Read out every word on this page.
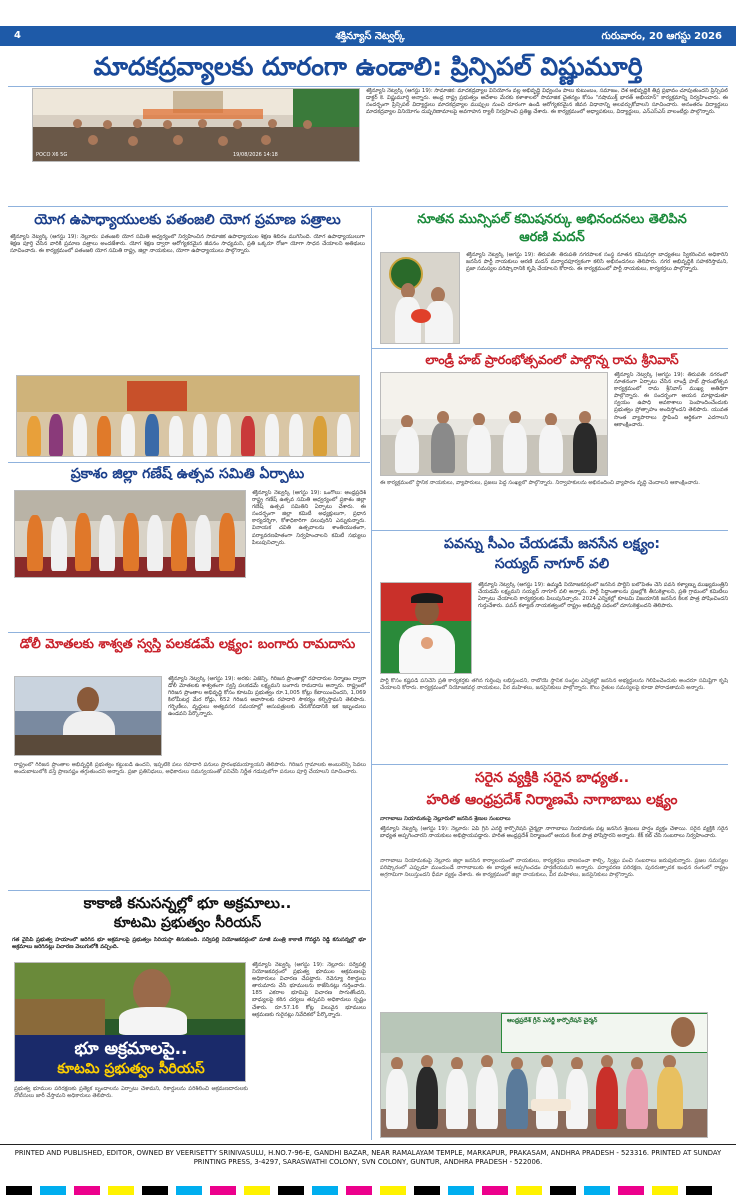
4	శక్తిన్యూస్ నెట్వర్క్	గురువారం, 20 ఆగస్టు 2026
మాదకద్రవ్యాలకు దూరంగా ఉండాలి: ప్రిన్సిపల్ విష్ణుమూర్తి
POCO X6 5G	19/08/2026 14:18
శక్తిన్యూస్ నెట్వర్క్ (ఆగస్టు 19): సామాజిక: మాదకద్రవ్యాల వినియోగం వల్ల అభివృద్ధి విధ్వంసం పాలు కుటుంబం, సమాజం, దేశ అభివృద్ధికి తీవ్ర ప్రభావం చూపుతుందని ప్రిన్సిపల్ డాక్టర్ కె. విష్ణుమూర్తి అన్నారు. ఆంధ్ర రాష్ట్ర ప్రభుత్వం ఆదేశాల మేరకు కళాశాలలో సామాజిక చైతన్యం కోసం "నషాముక్త్ భారత్ అభియాన్" కార్యక్రమాన్ని నిర్వహించారు. ఈ సందర్భంగా ప్రిన్సిపల్ విద్యార్థులు మాదకద్రవ్యాల ముప్పుల నుంచి దూరంగా ఉండి ఆరోగ్యకరమైన జీవన విధానాన్ని అలవర్చుకోవాలని సూచించారు. అనంతరం విద్యార్థులు మాదకద్రవ్యాల వినియోగం దుష్పరిణామాలపై అవగాహన ర్యాలీ నిర్వహించి ప్రతిజ్ఞ చేశారు. ఈ కార్యక్రమంలో అధ్యాపకులు, విద్యార్థులు, ఎన్ఎస్ఎస్ వాలంటీర్లు పాల్గొన్నారు.
యోగ ఉపాధ్యాయులకు పతంజలి యోగ ప్రమాణ పత్రాలు
శక్తిన్యూస్ నెట్వర్క్ (ఆగస్టు 19): నెల్లూరు: పతంజలి యోగ సమితి ఆధ్వర్యంలో నిర్వహించిన సామాజిక ఉపాధ్యాయుల శిక్షణ శిబిరం ముగిసింది. యోగ ఉపాధ్యాయులుగా శిక్షణ పూర్తి చేసిన వారికి ప్రమాణ పత్రాలు అందజేశారు. యోగ శిక్షణ ద్వారా ఆరోగ్యకరమైన జీవనం సాధ్యమని, ప్రతి ఒక్కరూ రోజూ యోగా సాధన చేయాలని అతిథులు సూచించారు. ఈ కార్యక్రమంలో పతంజలి యోగ సమితి రాష్ట్ర, జిల్లా నాయకులు, యోగా ఉపాధ్యాయులు పాల్గొన్నారు.
ప్రకాశం జిల్లా గణేష్ ఉత్సవ సమితి ఏర్పాటు
శక్తిన్యూస్ నెట్వర్క్ (ఆగస్టు 19): ఒంగోలు: ఆంధ్రప్రదేశ్ రాష్ట్ర గణేష్ ఉత్సవ సమితి ఆధ్వర్యంలో ప్రకాశం జిల్లా గణేష్ ఉత్సవ సమితిని ఏర్పాటు చేశారు. ఈ సందర్భంగా జిల్లా కమిటీ అధ్యక్షులుగా, ప్రధాన కార్యదర్శిగా, కోశాధికారిగా పలువురిని ఎన్నుకున్నారు. వినాయక చవితి ఉత్సవాలను శాంతియుతంగా, పర్యావరణహితంగా నిర్వహించాలని కమిటీ సభ్యులు పిలుపునిచ్చారు.
డోలీ మోతలకు శాశ్వత స్వస్తి పలకడమే లక్ష్యం: బంగారు రామదాసు
శక్తిన్యూస్ నెట్వర్క్ (ఆగస్టు 19): అరకు: ఏజెన్సీ, గిరిజన ప్రాంతాల్లో రహదారుల నిర్మాణం ద్వారా డోలీ మోతలకు శాశ్వతంగా స్వస్తి పలకడమే లక్ష్యమని బంగారు రామదాసు అన్నారు. రాష్ట్రంలో గిరిజన ప్రాంతాల అభివృద్ధి కోసం కూటమి ప్రభుత్వం రూ.1,005 కోట్లు కేటాయించిందని, 1,069 కిలోమీటర్ల మేర రోడ్లు, 652 గిరిజన ఆవాసాలకు రహదారి సౌకర్యం కల్పిస్తామని తెలిపారు. గర్భిణీలు, వృద్ధులు అత్యవసర సమయాల్లో ఆసుపత్రులకు చేరుకోవడానికి ఇక ఇబ్బందులు ఉండవని పేర్కొన్నారు.
రాష్ట్రంలో గిరిజన ప్రాంతాల అభివృద్ధికి ప్రభుత్వం కట్టుబడి ఉందని, ఇప్పటికే పలు రహదారి పనులు ప్రారంభమయ్యాయని తెలిపారు. గిరిజన గ్రామాలకు అంబులెన్స్ సేవలు అందుబాటులోకి వస్తే ప్రాణనష్టం తగ్గుతుందని అన్నారు. ప్రజా ప్రతినిధులు, అధికారులు సమన్వయంతో పనిచేసి నిర్ణీత గడువులోగా పనులు పూర్తి చేయాలని సూచించారు.
కాకాణి కనుసన్నల్లో భూ అక్రమాలు..
కూటమి ప్రభుత్వం సీరియస్
గత వైసీపీ ప్రభుత్వ హయాంలో జరిగిన భూ అక్రమాలపై ప్రభుత్వం సీరియస్గా తీసుకుంది. సర్వేపల్లి నియోజకవర్గంలో మాజీ మంత్రి కాకాణి గోవర్ధన్ రెడ్డి కనుసన్నల్లో భూ అక్రమాలు జరిగినట్లు విచారణ వెలుగులోకి వచ్చింది.
భూ అక్రమాలపై..
కూటమి ప్రభుత్వం సీరియస్
శక్తిన్యూస్ నెట్వర్క్ (ఆగస్టు 19): నెల్లూరు: సర్వేపల్లి నియోజకవర్గంలో ప్రభుత్వ భూముల ఆక్రమణలపై అధికారులు విచారణ చేపట్టారు. రెవెన్యూ రికార్డులు తారుమారు చేసి భూములను కాజేసినట్లు గుర్తించారు. 185 ఎకరాల భూమిపై విచారణ సాగుతోందని, బాధ్యులపై కఠిన చర్యలు తప్పవని అధికారులు స్పష్టం చేశారు. రూ.57.16 కోట్ల విలువైన భూములు ఆక్రమణకు గురైనట్లు నివేదికలో పేర్కొన్నారు.
ప్రభుత్వ భూముల పరిరక్షణకు ప్రత్యేక బృందాలను ఏర్పాటు చేశామని, రికార్డులను పరిశీలించి ఆక్రమణదారులకు నోటీసులు జారీ చేస్తామని అధికారులు తెలిపారు.
నూతన మున్సిపల్ కమిషనర్కు అభినందనలు తెలిపిన
ఆరణి మదన్
శక్తిన్యూస్ నెట్వర్క్ (ఆగస్టు 19): తిరుపతి: తిరుపతి నగరపాలక సంస్థ నూతన కమిషనర్గా బాధ్యతలు స్వీకరించిన అధికారిని జనసేన పార్టీ నాయకులు ఆరణి మదన్ మర్యాదపూర్వకంగా కలిసి అభినందనలు తెలిపారు. నగర అభివృద్ధికి సహకరిస్తామని, ప్రజా సమస్యల పరిష్కారానికి కృషి చేయాలని కోరారు. ఈ కార్యక్రమంలో పార్టీ నాయకులు, కార్యకర్తలు పాల్గొన్నారు.
లాండ్రీ హబ్ ప్రారంభోత్సవంలో పాల్గొన్న రామ శ్రీనివాస్
శక్తిన్యూస్ నెట్వర్క్ (ఆగస్టు 19): తిరుపతి: నగరంలో నూతనంగా ఏర్పాటు చేసిన లాండ్రీ హబ్ ప్రారంభోత్సవ కార్యక్రమంలో రామ శ్రీనివాస్ ముఖ్య అతిథిగా పాల్గొన్నారు. ఈ సందర్భంగా ఆయన మాట్లాడుతూ స్వయం ఉపాధి అవకాశాలు పెంపొందించేందుకు ప్రభుత్వం ప్రోత్సాహం అందిస్తోందని తెలిపారు. యువత సొంత వ్యాపారాలు స్థాపించి ఆర్థికంగా ఎదగాలని ఆకాంక్షించారు.
ఈ కార్యక్రమంలో స్థానిక నాయకులు, వ్యాపారులు, ప్రజలు పెద్ద సంఖ్యలో పాల్గొన్నారు. నిర్వాహకులను అభినందించి వ్యాపారం వృద్ధి చెందాలని ఆకాంక్షించారు.
పవన్ను సీఎం చేయడమే జనసేన లక్ష్యం:
సయ్యద్ నాగూర్ వలి
శక్తిన్యూస్ నెట్వర్క్ (ఆగస్టు 19): ఉమ్మడి నియోజకవర్గంలో జనసేన పార్టీని బలోపేతం చేసి పవన్ కళ్యాణ్ను ముఖ్యమంత్రిని చేయడమే లక్ష్యమని సయ్యద్ నాగూర్ వలి అన్నారు. పార్టీ సిద్ధాంతాలను ప్రజల్లోకి తీసుకెళ్లాలని, ప్రతి గ్రామంలో కమిటీలు ఏర్పాటు చేయాలని కార్యకర్తలకు పిలుపునిచ్చారు. 2024 ఎన్నికల్లో కూటమి విజయానికి జనసేన కీలక పాత్ర పోషించిందని గుర్తుచేశారు. పవన్ కళ్యాణ్ నాయకత్వంలో రాష్ట్రం అభివృద్ధి పథంలో దూసుకెళ్తుందని తెలిపారు.
పార్టీ కోసం కష్టపడి పనిచేసే ప్రతి కార్యకర్తకు తగిన గుర్తింపు లభిస్తుందని, రాబోయే స్థానిక సంస్థల ఎన్నికల్లో జనసేన అభ్యర్థులను గెలిపించేందుకు అందరూ సమిష్టిగా కృషి చేయాలని కోరారు. కార్యక్రమంలో నియోజకవర్గ నాయకులు, వీర మహిళలు, జనసైనికులు పాల్గొన్నారు. కౌలు రైతుల సమస్యలపై కూడా పోరాడతామని అన్నారు.
సరైన వ్యక్తికి సరైన బాధ్యత..
హరిత ఆంధ్రప్రదేశ్ నిర్మాణమే నాగాబాబు లక్ష్యం
నాగాబాబు నియామకంపై నెల్లూరులో జనసేన శ్రేణుల సంబరాలు
శక్తిన్యూస్ నెట్వర్క్ (ఆగస్టు 19): నెల్లూరు: ఏపీ గ్రీన్ ఎనర్జీ కార్పొరేషన్ చైర్మన్గా నాగాబాబు నియామకం పట్ల జనసేన శ్రేణులు హర్షం వ్యక్తం చేశాయి. సరైన వ్యక్తికి సరైన బాధ్యత అప్పగించారని నాయకులు అభిప్రాయపడ్డారు. హరిత ఆంధ్రప్రదేశ్ నిర్మాణంలో ఆయన కీలక పాత్ర పోషిస్తారని అన్నారు. కేక్ కట్ చేసి సంబరాలు నిర్వహించారు.
నాగాబాబు నియామకంపై నెల్లూరు జిల్లా జనసేన కార్యాలయంలో నాయకులు, కార్యకర్తలు బాణసంచా కాల్చి, స్వీట్లు పంచి సంబరాలు జరుపుకున్నారు. ప్రజల సమస్యల పరిష్కారంలో ఎప్పుడూ ముందుండే నాగాబాబుకు ఈ బాధ్యత అప్పగించడం హర్షణీయమని అన్నారు. పర్యావరణ పరిరక్షణ, పునరుత్పాదక ఇంధన రంగంలో రాష్ట్రం అగ్రగామిగా నిలుస్తుందని ధీమా వ్యక్తం చేశారు. ఈ కార్యక్రమంలో జిల్లా నాయకులు, వీర మహిళలు, జనసైనికులు పాల్గొన్నారు.
ఆంధ్రప్రదేశ్ గ్రీన్ ఎనర్జీ కార్పొరేషన్ చైర్మన్
PRINTED AND PUBLISHED, EDITOR, OWNED BY VEERISETTY SRINIVASULU, H.NO.7-96-E, GANDHI BAZAR, NEAR RAMALAYAM TEMPLE, MARKAPUR, PRAKASAM, ANDHRA PRADESH - 523316. PRINTED AT SUNDAY PRINTING PRESS, 3-4297, SARASWATHI COLONY, SVN COLONY, GUNTUR, ANDHRA PRADESH - 522006.
